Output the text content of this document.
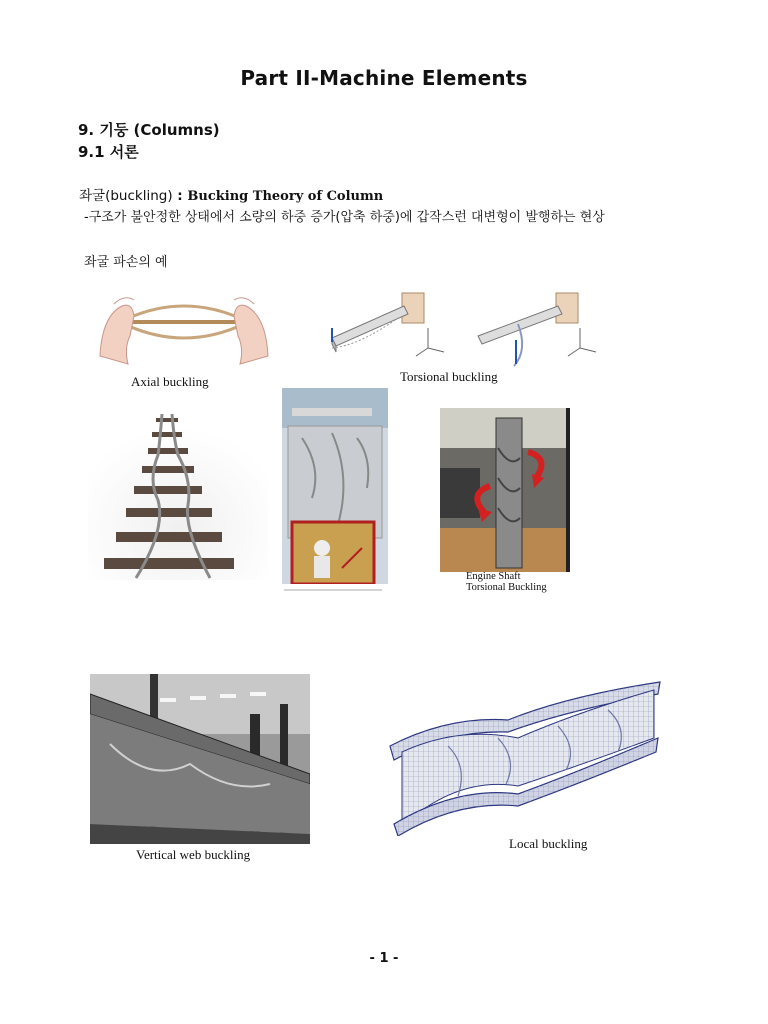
Part II-Machine Elements
9. 기둥 (Columns)
9.1 서론
좌굴(buckling) : Bucking Theory of Column
-구조가 불안정한 상태에서 소량의 하중 증가(압축 하중)에 갑작스런 대변형이 발행하는 현상
좌굴 파손의 예
Axial buckling	Torsional buckling
Engine Shaft
Torsional Buckling
Vertical web buckling
Local buckling
- 1 -
